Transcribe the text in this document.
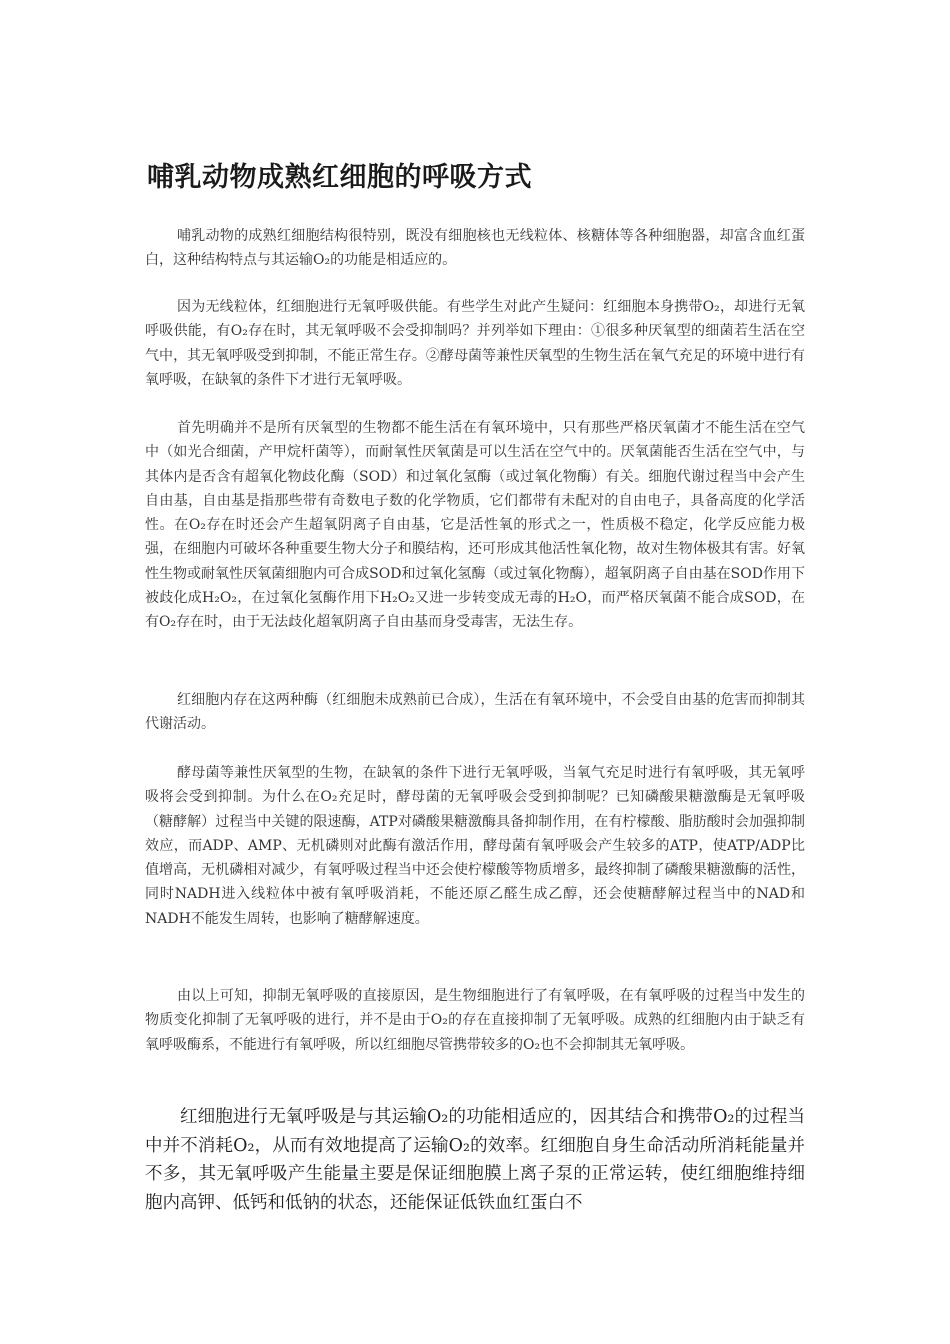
哺乳动物成熟红细胞的呼吸方式

哺乳动物的成熟红细胞结构很特别，既没有细胞核也无线粒体、核糖体等各种细胞器，却富含血红蛋白，这种结构特点与其运输O₂的功能是相适应的。

因为无线粒体，红细胞进行无氧呼吸供能。有些学生对此产生疑问：红细胞本身携带O₂，却进行无氧呼吸供能，有O₂存在时，其无氧呼吸不会受抑制吗？并列举如下理由：①很多种厌氧型的细菌若生活在空气中，其无氧呼吸受到抑制，不能正常生存。②酵母菌等兼性厌氧型的生物生活在氧气充足的环境中进行有氧呼吸，在缺氧的条件下才进行无氧呼吸。

首先明确并不是所有厌氧型的生物都不能生活在有氧环境中，只有那些严格厌氧菌才不能生活在空气中（如光合细菌，产甲烷杆菌等），而耐氧性厌氧菌是可以生活在空气中的。厌氧菌能否生活在空气中，与其体内是否含有超氧化物歧化酶（SOD）和过氧化氢酶（或过氧化物酶）有关。细胞代谢过程当中会产生自由基，自由基是指那些带有奇数电子数的化学物质，它们都带有未配对的自由电子，具备高度的化学活性。在O₂存在时还会产生超氧阴离子自由基，它是活性氧的形式之一，性质极不稳定，化学反应能力极强，在细胞内可破坏各种重要生物大分子和膜结构，还可形成其他活性氧化物，故对生物体极其有害。好氧性生物或耐氧性厌氧菌细胞内可合成SOD和过氧化氢酶（或过氧化物酶），超氧阴离子自由基在SOD作用下被歧化成H₂O₂，在过氧化氢酶作用下H₂O₂又进一步转变成无毒的H₂O，而严格厌氧菌不能合成SOD，在有O₂存在时，由于无法歧化超氧阴离子自由基而身受毒害，无法生存。

红细胞内存在这两种酶（红细胞未成熟前已合成），生活在有氧环境中，不会受自由基的危害而抑制其代谢活动。

酵母菌等兼性厌氧型的生物，在缺氧的条件下进行无氧呼吸，当氧气充足时进行有氧呼吸，其无氧呼吸将会受到抑制。为什么在O₂充足时，酵母菌的无氧呼吸会受到抑制呢？已知磷酸果糖激酶是无氧呼吸（糖酵解）过程当中关键的限速酶，ATP对磷酸果糖激酶具备抑制作用，在有柠檬酸、脂肪酸时会加强抑制效应，而ADP、AMP、无机磷则对此酶有激活作用，酵母菌有氧呼吸会产生较多的ATP，使ATP/ADP比值增高，无机磷相对减少，有氧呼吸过程当中还会使柠檬酸等物质增多，最终抑制了磷酸果糖激酶的活性，同时NADH进入线粒体中被有氧呼吸消耗，不能还原乙醛生成乙醇，还会使糖酵解过程当中的NAD和NADH不能发生周转，也影响了糖酵解速度。

由以上可知，抑制无氧呼吸的直接原因，是生物细胞进行了有氧呼吸，在有氧呼吸的过程当中发生的物质变化抑制了无氧呼吸的进行，并不是由于O₂的存在直接抑制了无氧呼吸。成熟的红细胞内由于缺乏有氧呼吸酶系，不能进行有氧呼吸，所以红细胞尽管携带较多的O₂也不会抑制其无氧呼吸。

红细胞进行无氧呼吸是与其运输O₂的功能相适应的，因其结合和携带O₂的过程当中并不消耗O₂，从而有效地提高了运输O₂的效率。红细胞自身生命活动所消耗能量并不多，其无氧呼吸产生能量主要是保证细胞膜上离子泵的正常运转，使红细胞维持细胞内高钾、低钙和低钠的状态，还能保证低铁血红蛋白不
